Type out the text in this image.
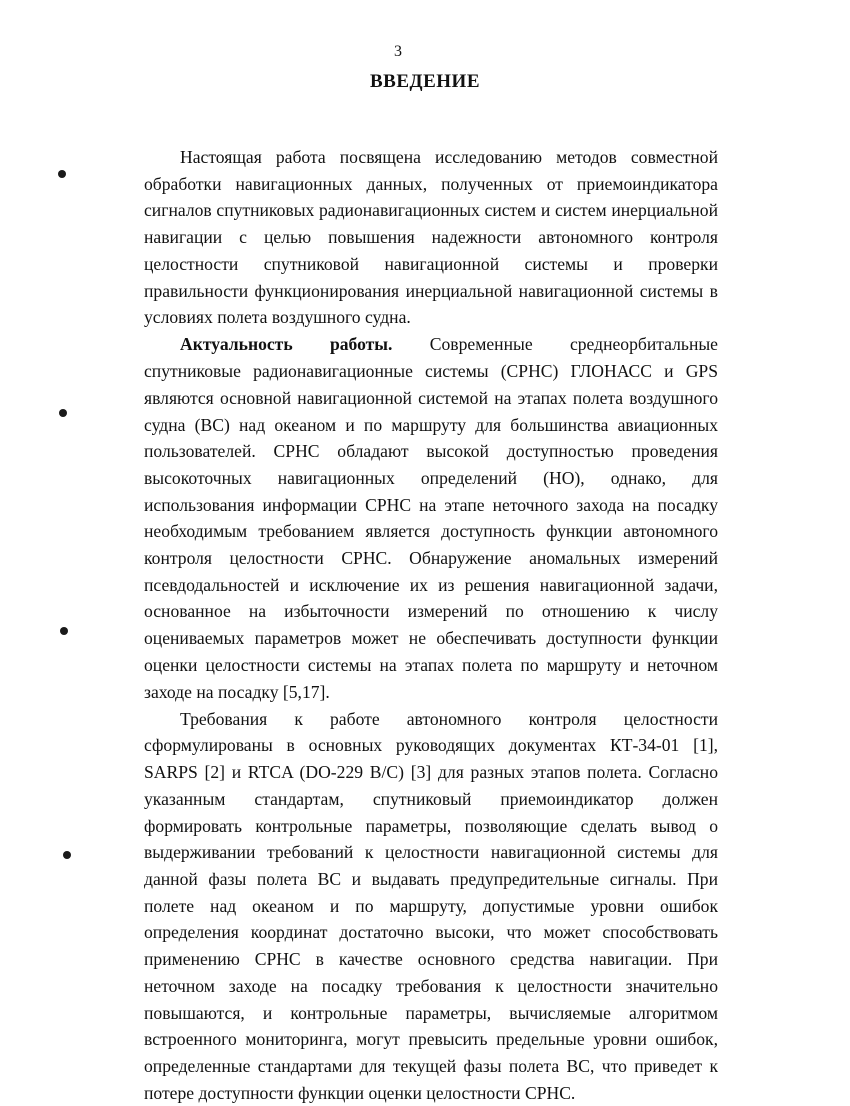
3
ВВЕДЕНИЕ

Настоящая работа посвящена исследованию методов совместной обработки навигационных данных, полученных от приемоиндикатора сигналов спутниковых радионавигационных систем и систем инерциальной навигации с целью повышения надежности автономного контроля целостности спутниковой навигационной системы и проверки правильности функционирования инерциальной навигационной системы в условиях полета воздушного судна.

Актуальность работы. Современные среднеорбитальные спутниковые радионавигационные системы (СРНС) ГЛОНАСС и GPS являются основной навигационной системой на этапах полета воздушного судна (ВС) над океаном и по маршруту для большинства авиационных пользователей. СРНС обладают высокой доступностью проведения высокоточных навигационных определений (НО), однако, для использования информации СРНС на этапе неточного захода на посадку необходимым требованием является доступность функции автономного контроля целостности СРНС. Обнаружение аномальных измерений псевдодальностей и исключение их из решения навигационной задачи, основанное на избыточности измерений по отношению к числу оцениваемых параметров может не обеспечивать доступности функции оценки целостности системы на этапах полета по маршруту и неточном заходе на посадку [5,17].

Требования к работе автономного контроля целостности сформулированы в основных руководящих документах КТ-34-01 [1], SARPS [2] и RTCA (DO-229 B/C) [3] для разных этапов полета. Согласно указанным стандартам, спутниковый приемоиндикатор должен формировать контрольные параметры, позволяющие сделать вывод о выдерживании требований к целостности навигационной системы для данной фазы полета ВС и выдавать предупредительные сигналы. При полете над океаном и по маршруту, допустимые уровни ошибок определения координат достаточно высоки, что может способствовать применению СРНС в качестве основного средства навигации. При неточном заходе на посадку требования к целостности значительно повышаются, и контрольные параметры, вычисляемые алгоритмом встроенного мониторинга, могут превысить предельные уровни ошибок, определенные стандартами для текущей фазы полета ВС, что приведет к потере доступности функции оценки целостности СРНС.
